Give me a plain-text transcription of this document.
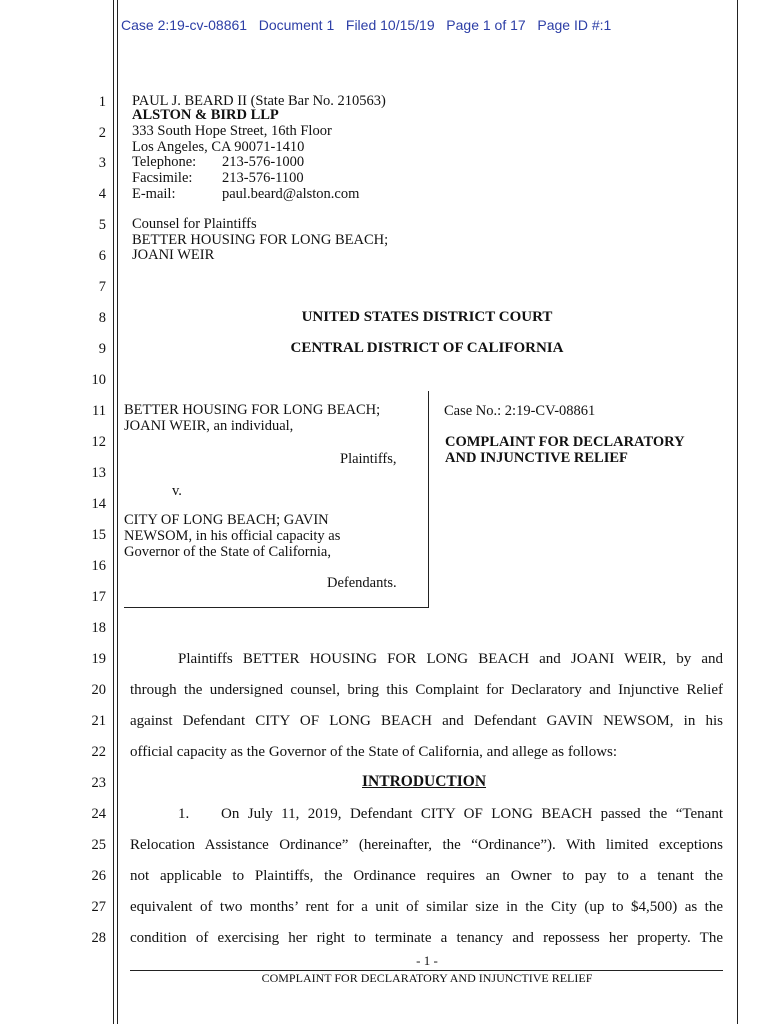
Case 2:19-cv-08861   Document 1   Filed 10/15/19   Page 1 of 17   Page ID #:1
1
2
3
4
5
6
7
8
9
10
11
12
13
14
15
16
17
18
19
20
21
22
23
24
25
26
27
28
PAUL J. BEARD II (State Bar No. 210563)
ALSTON & BIRD LLP
333 South Hope Street, 16th Floor
Los Angeles, CA 90071-1410
Telephone: 213-576-1000
Facsimile: 213-576-1100
E-mail:	paul.beard@alston.com
Counsel for Plaintiffs
BETTER HOUSING FOR LONG BEACH;
JOANI WEIR
UNITED STATES DISTRICT COURT
CENTRAL DISTRICT OF CALIFORNIA
BETTER HOUSING FOR LONG BEACH;
JOANI WEIR, an individual,
Plaintiffs,
v.
CITY OF LONG BEACH; GAVIN
NEWSOM, in his official capacity as
Governor of the State of California,
Defendants.
Case No.: 2:19-CV-08861
COMPLAINT FOR DECLARATORY
AND INJUNCTIVE RELIEF
Plaintiffs BETTER HOUSING FOR LONG BEACH and JOANI WEIR, by and
through the undersigned counsel, bring this Complaint for Declaratory and Injunctive Relief
against Defendant CITY OF LONG BEACH and Defendant GAVIN NEWSOM, in his
official capacity as the Governor of the State of California, and allege as follows:
INTRODUCTION
1. On July 11, 2019, Defendant CITY OF LONG BEACH passed the “Tenant
Relocation Assistance Ordinance” (hereinafter, the “Ordinance”). With limited exceptions
not applicable to Plaintiffs, the Ordinance requires an Owner to pay to a tenant the
equivalent of two months’ rent for a unit of similar size in the City (up to $4,500) as the
condition of exercising her right to terminate a tenancy and repossess her property. The
- 1 -
COMPLAINT FOR DECLARATORY AND INJUNCTIVE RELIEF
